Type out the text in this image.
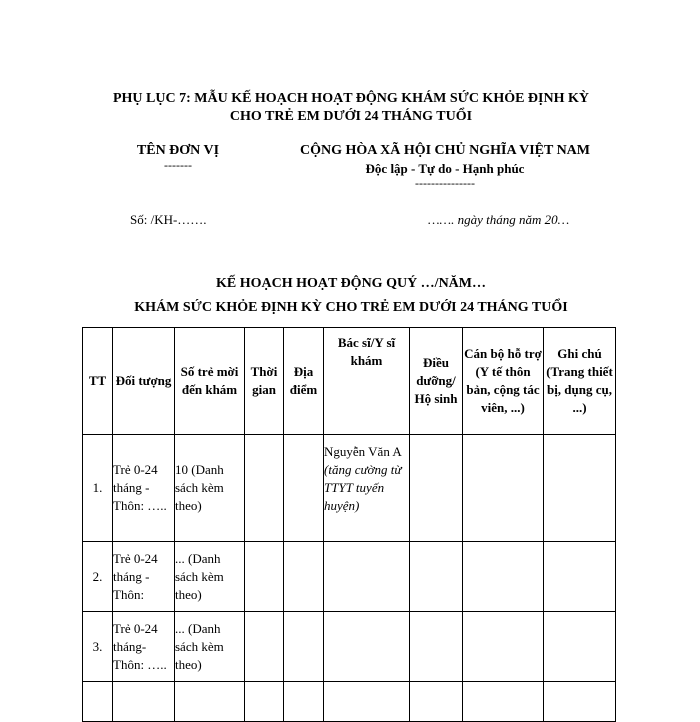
PHỤ LỤC 7: MẪU KẾ HOẠCH HOẠT ĐỘNG KHÁM SỨC KHỎE ĐỊNH KỲ
CHO TRẺ EM DƯỚI 24 THÁNG TUỔI
TÊN ĐƠN VỊ
-------
CỘNG HÒA XÃ HỘI CHỦ NGHĨA VIỆT NAM
Độc lập - Tự do - Hạnh phúc
---------------
Số: /KH-…….	……. ngày tháng năm 20…
KẾ HOẠCH HOẠT ĐỘNG QUÝ …/NĂM…
KHÁM SỨC KHỎE ĐỊNH KỲ CHO TRẺ EM DƯỚI 24 THÁNG TUỔI
TT	Đối tượng	Số trẻ mời đến khám	Thời gian	Địa điểm	Bác sĩ/Y sĩ khám	Điều dưỡng/ Hộ sinh	Cán bộ hỗ trợ (Y tế thôn bản, cộng tác viên, ...)	Ghi chú (Trang thiết bị, dụng cụ, ...)

1.	Trẻ 0-24 tháng - Thôn: …..	10 (Danh sách kèm theo)			Nguyễn Văn A (tăng cường từ TTYT tuyến huyện)			
2.	Trẻ 0-24 tháng - Thôn:	... (Danh sách kèm theo)						
3.	Trẻ 0-24 tháng- Thôn: …..	... (Danh sách kèm theo)						
